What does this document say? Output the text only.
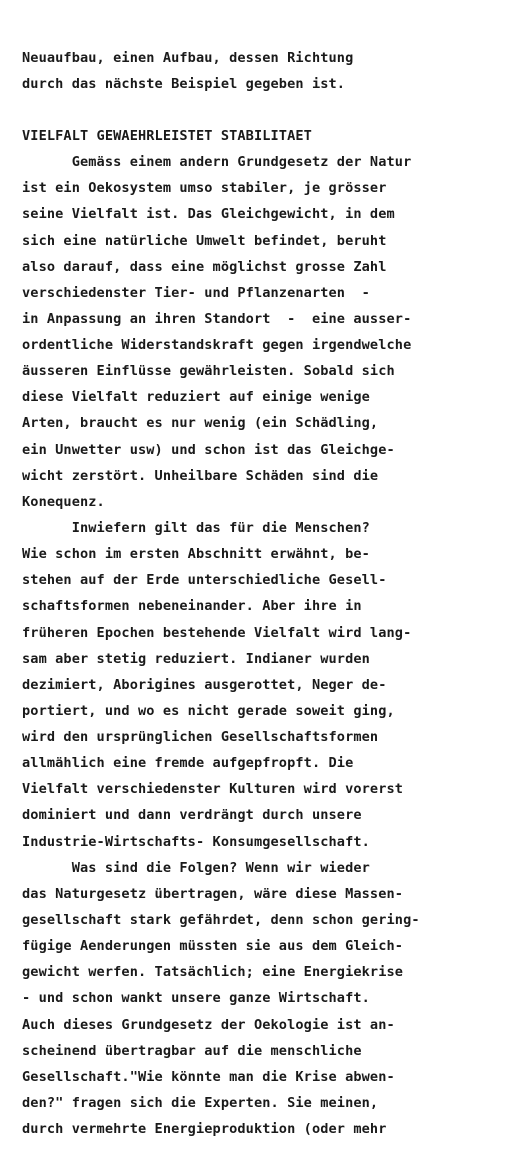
Neuaufbau, einen Aufbau, dessen Richtung
durch das nächste Beispiel gegeben ist.
VIELFALT GEWAEHRLEISTET STABILITAET
Gemäss einem andern Grundgesetz der Natur
ist ein Oekosystem umso stabiler, je grösser
seine Vielfalt ist. Das Gleichgewicht, in dem
sich eine natürliche Umwelt befindet, beruht
also darauf, dass eine möglichst grosse Zahl
verschiedenster Tier- und Pflanzenarten  -
in Anpassung an ihren Standort  -  eine ausser-
ordentliche Widerstandskraft gegen irgendwelche
äusseren Einflüsse gewährleisten. Sobald sich
diese Vielfalt reduziert auf einige wenige
Arten, braucht es nur wenig (ein Schädling,
ein Unwetter usw) und schon ist das Gleichge-
wicht zerstört. Unheilbare Schäden sind die
Konequenz.
Inwiefern gilt das für die Menschen?
Wie schon im ersten Abschnitt erwähnt, be-
stehen auf der Erde unterschiedliche Gesell-
schaftsformen nebeneinander. Aber ihre in
früheren Epochen bestehende Vielfalt wird lang-
sam aber stetig reduziert. Indianer wurden
dezimiert, Aborigines ausgerottet, Neger de-
portiert, und wo es nicht gerade soweit ging,
wird den ursprünglichen Gesellschaftsformen
allmählich eine fremde aufgepfropft. Die
Vielfalt verschiedenster Kulturen wird vorerst
dominiert und dann verdrängt durch unsere
Industrie-Wirtschafts- Konsumgesellschaft.
Was sind die Folgen? Wenn wir wieder
das Naturgesetz übertragen, wäre diese Massen-
gesellschaft stark gefährdet, denn schon gering-
fügige Aenderungen müssten sie aus dem Gleich-
gewicht werfen. Tatsächlich; eine Energiekrise
- und schon wankt unsere ganze Wirtschaft.
Auch dieses Grundgesetz der Oekologie ist an-
scheinend übertragbar auf die menschliche
Gesellschaft."Wie könnte man die Krise abwen-
den?" fragen sich die Experten. Sie meinen,
durch vermehrte Energieproduktion (oder mehr
